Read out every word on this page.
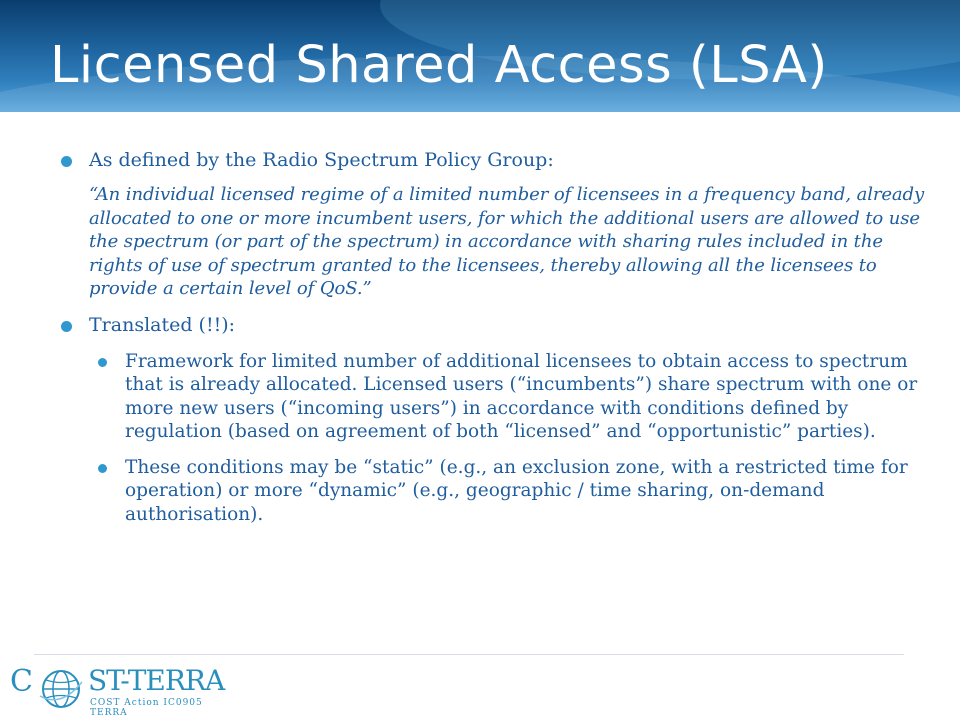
Licensed Shared Access (LSA)
As defined by the Radio Spectrum Policy Group:
“An individual licensed regime of a limited number of licensees in a frequency band, already allocated to one or more incumbent users, for which the additional users are allowed to use the spectrum (or part of the spectrum) in accordance with sharing rules included in the rights of use of spectrum granted to the licensees, thereby allowing all the licensees to provide a certain level of QoS.”
Translated (!!):
Framework for limited number of additional licensees to obtain access to spectrum that is already allocated. Licensed users (“incumbents”) share spectrum with one or more new users (“incoming users”) in accordance with conditions defined by regulation (based on agreement of both “licensed” and “opportunistic” parties).
These conditions may be “static” (e.g., an exclusion zone, with a restricted time for operation) or more “dynamic” (e.g., geographic / time sharing, on-demand authorisation).
C ST-TERRA
COST Action IC0905 TERRA
